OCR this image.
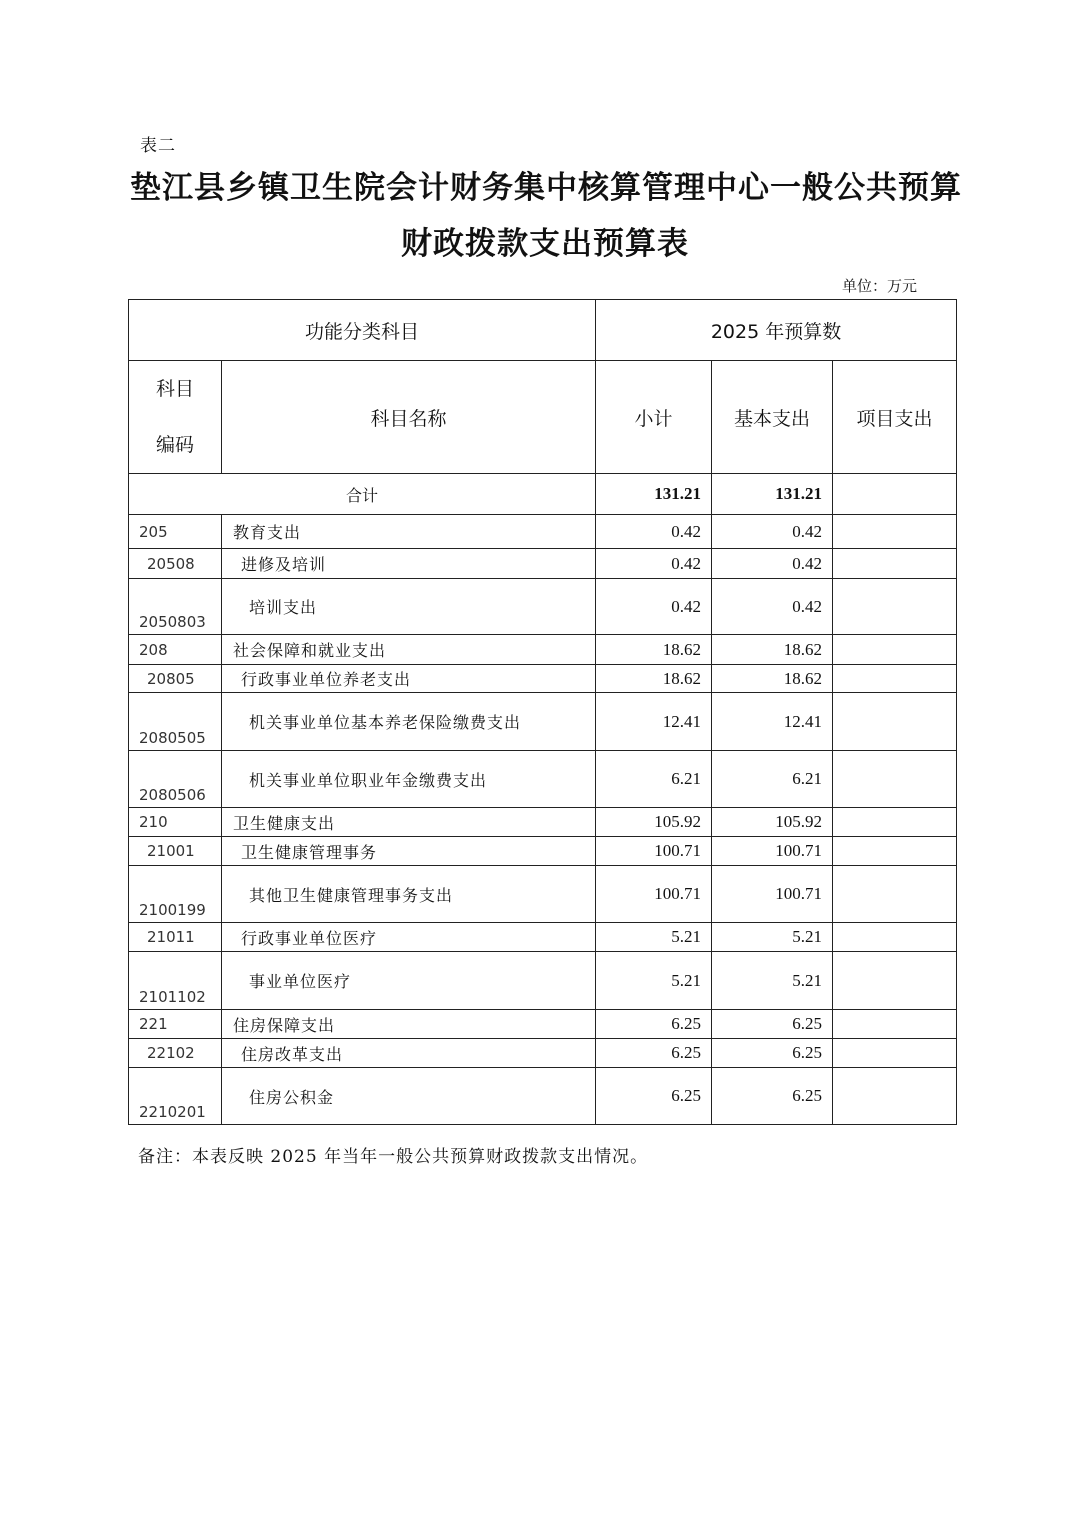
表二
垫江县乡镇卫生院会计财务集中核算管理中心一般公共预算
财政拨款支出预算表
单位：万元
功能分类科目		2025 年预算数		

科目
编码	科目名称	小计	基本支出	项目支出
合计		131.21	131.21	
205	教育支出	0.42	0.42	
20508	进修及培训	0.42	0.42	
2050803	培训支出	0.42	0.42	
208	社会保障和就业支出	18.62	18.62	
20805	行政事业单位养老支出	18.62	18.62	
2080505	机关事业单位基本养老保险缴费支出	12.41	12.41	
2080506	机关事业单位职业年金缴费支出	6.21	6.21	
210	卫生健康支出	105.92	105.92	
21001	卫生健康管理事务	100.71	100.71	
2100199	其他卫生健康管理事务支出	100.71	100.71	
21011	行政事业单位医疗	5.21	5.21	
2101102	事业单位医疗	5.21	5.21	
221	住房保障支出	6.25	6.25	
22102	住房改革支出	6.25	6.25	
2210201	住房公积金	6.25	6.25	
备注：本表反映 2025 年当年一般公共预算财政拨款支出情况。
